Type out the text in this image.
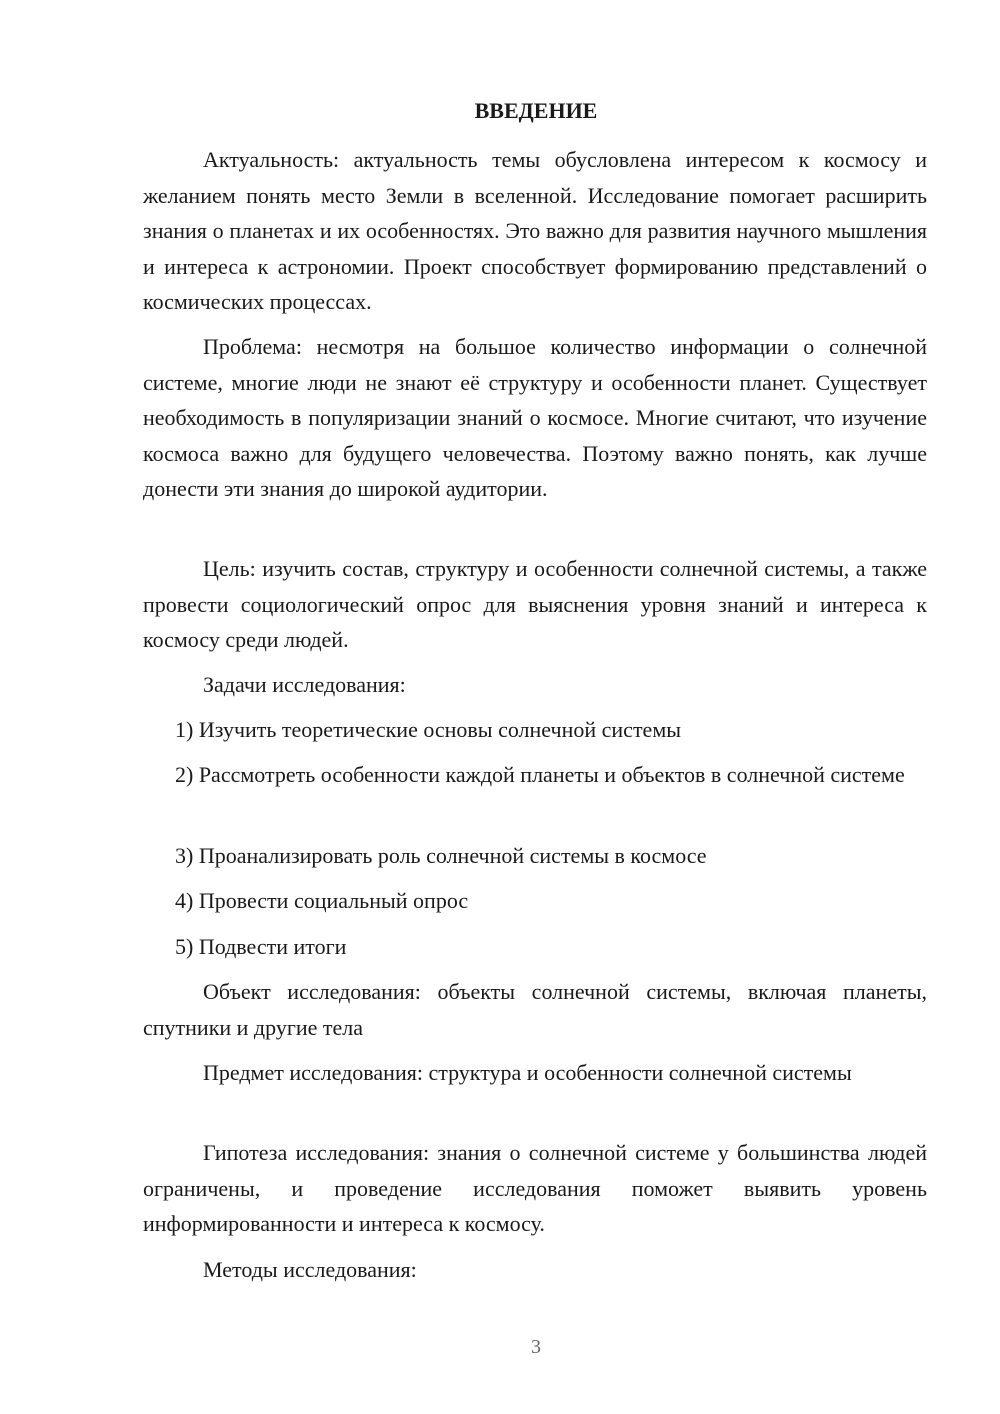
ВВЕДЕНИЕ
Актуальность: актуальность темы обусловлена интересом к космосу и желанием понять место Земли в вселенной. Исследование помогает расширить знания о планетах и их особенностях. Это важно для развития научного мышления и интереса к астрономии. Проект способствует формированию представлений о космических процессах.
Проблема: несмотря на большое количество информации о солнечной системе, многие люди не знают её структуру и особенности планет. Существует необходимость в популяризации знаний о космосе. Многие считают, что изучение космоса важно для будущего человечества. Поэтому важно понять, как лучше донести эти знания до широкой аудитории.
Цель: изучить состав, структуру и особенности солнечной системы, а также провести социологический опрос для выяснения уровня знаний и интереса к космосу среди людей.
Задачи исследования:
1) Изучить теоретические основы солнечной системы
2) Рассмотреть особенности каждой планеты и объектов в солнечной системе
3) Проанализировать роль солнечной системы в космосе
4) Провести социальный опрос
5) Подвести итоги
Объект исследования: объекты солнечной системы, включая планеты, спутники и другие тела
Предмет исследования: структура и особенности солнечной системы
Гипотеза исследования: знания о солнечной системе у большинства людей ограничены, и проведение исследования поможет выявить уровень информированности и интереса к космосу.
Методы исследования:
3
